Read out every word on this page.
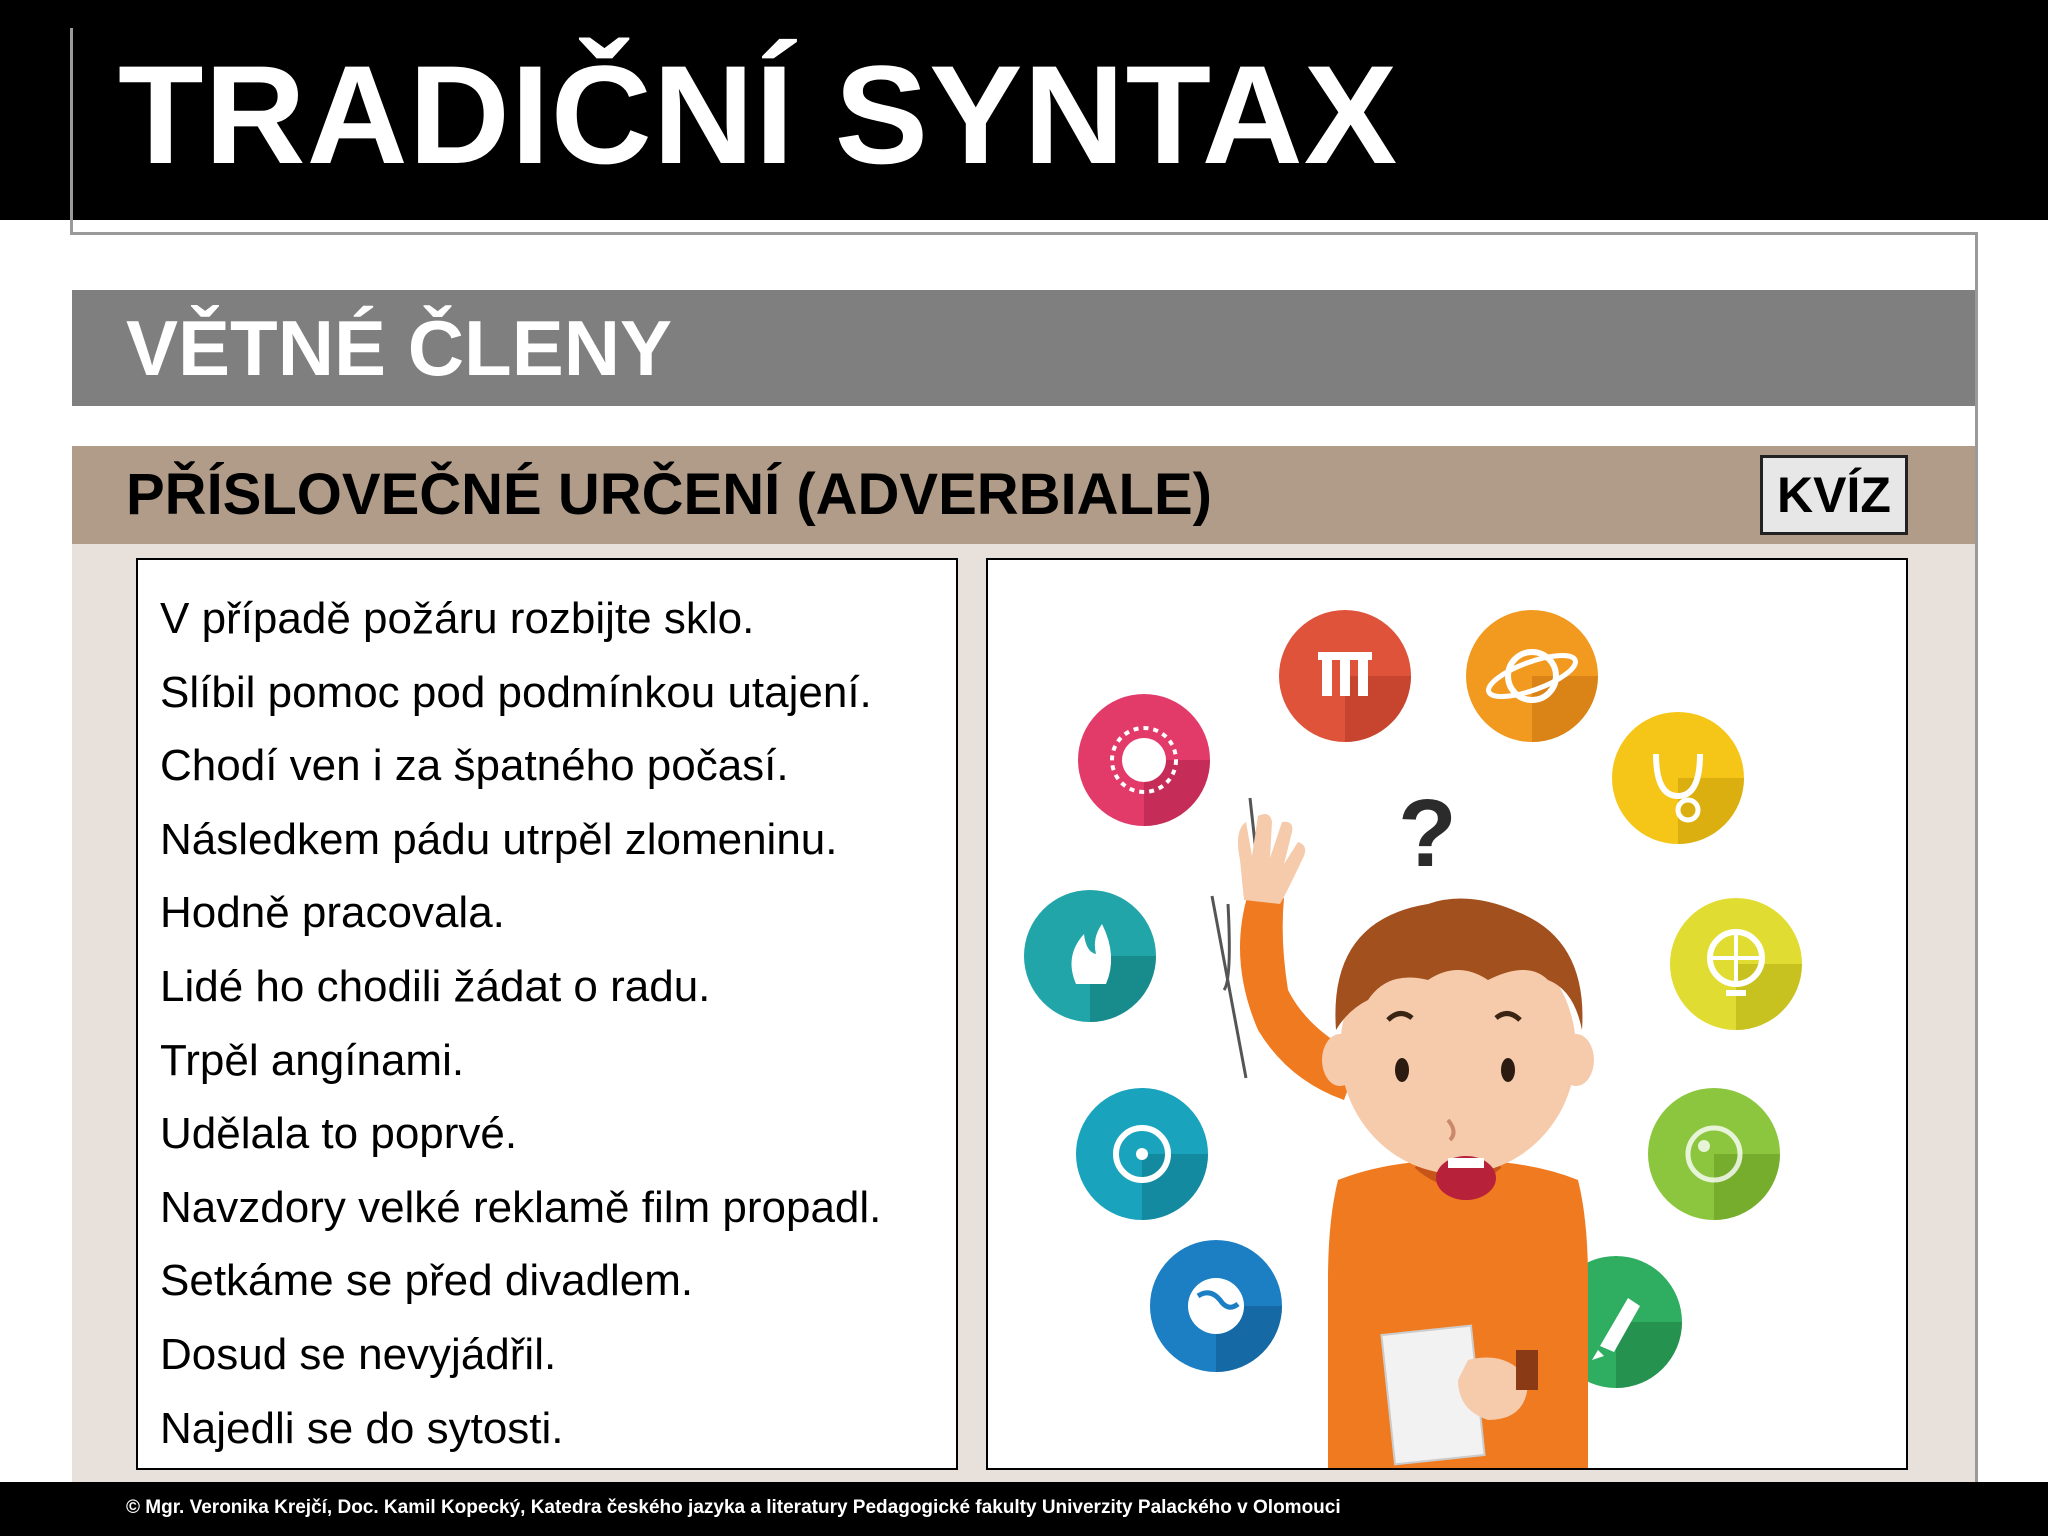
TRADIČNÍ SYNTAX
VĚTNÉ ČLENY
PŘÍSLOVEČNÉ URČENÍ (ADVERBIALE)	KVÍZ
V případě požáru rozbijte sklo.
Slíbil pomoc pod podmínkou utajení.
Chodí ven i za špatného počasí.
Následkem pádu utrpěl zlomeninu.
Hodně pracovala.
Lidé ho chodili žádat o radu.
Trpěl angínami.
Udělala to poprvé.
Navzdory velké reklamě film propadl.
Setkáme se před divadlem.
Dosud se nevyjádřil.
Najedli se do sytosti.
?

© Mgr. Veronika Krejčí, Doc. Kamil Kopecký, Katedra českého jazyka a literatury Pedagogické fakulty Univerzity Palackého v Olomouci
